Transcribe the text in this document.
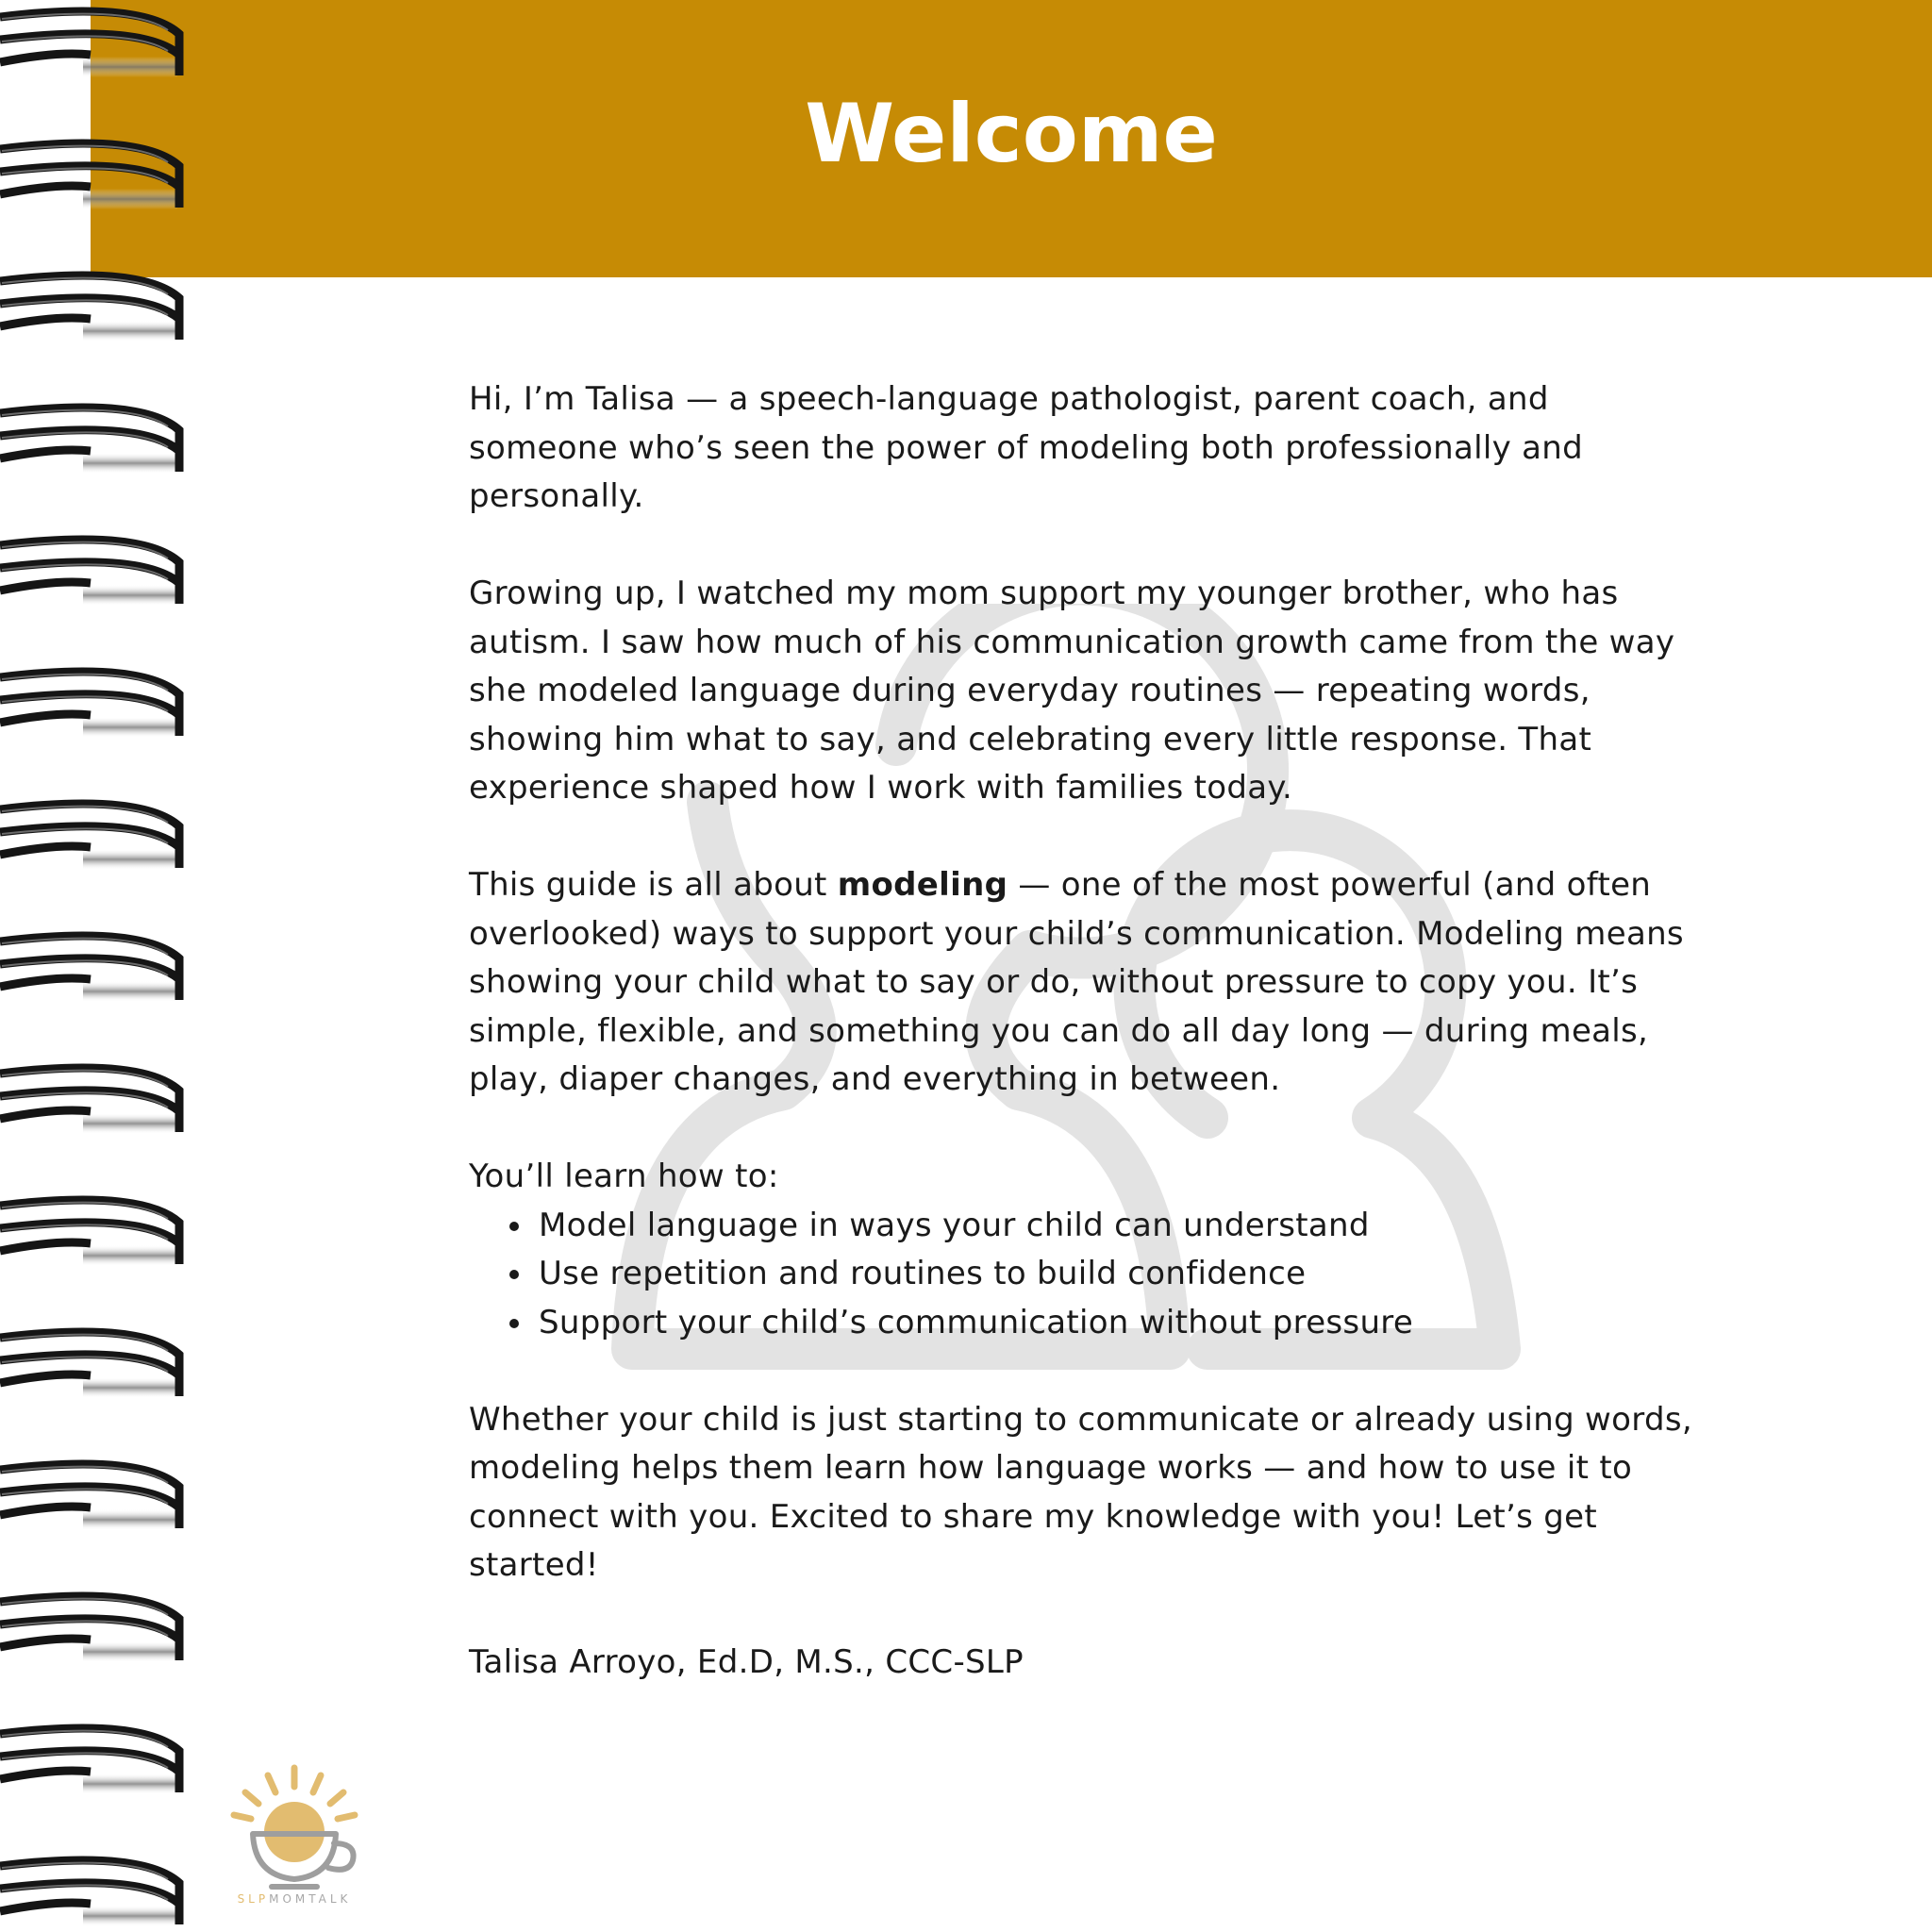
Welcome

Hi, I’m Talisa — a speech-language pathologist, parent coach, and someone who’s seen the power of modeling both professionally and personally.

Growing up, I watched my mom support my younger brother, who has autism. I saw how much of his communication growth came from the way she modeled language during everyday routines — repeating words, showing him what to say, and celebrating every little response. That experience shaped how I work with families today.

This guide is all about modeling — one of the most powerful (and often overlooked) ways to support your child’s communication. Modeling means showing your child what to say or do, without pressure to copy you. It’s simple, flexible, and something you can do all day long — during meals, play, diaper changes, and everything in between.

You’ll learn how to:

• Model language in ways your child can understand
• Use repetition and routines to build confidence
• Support your child’s communication without pressure

Whether your child is just starting to communicate or already using words, modeling helps them learn how language works — and how to use it to connect with you. Excited to share my knowledge with you! Let’s get started!

Talisa Arroyo, Ed.D, M.S., CCC-SLP

SLPMOMTALK
